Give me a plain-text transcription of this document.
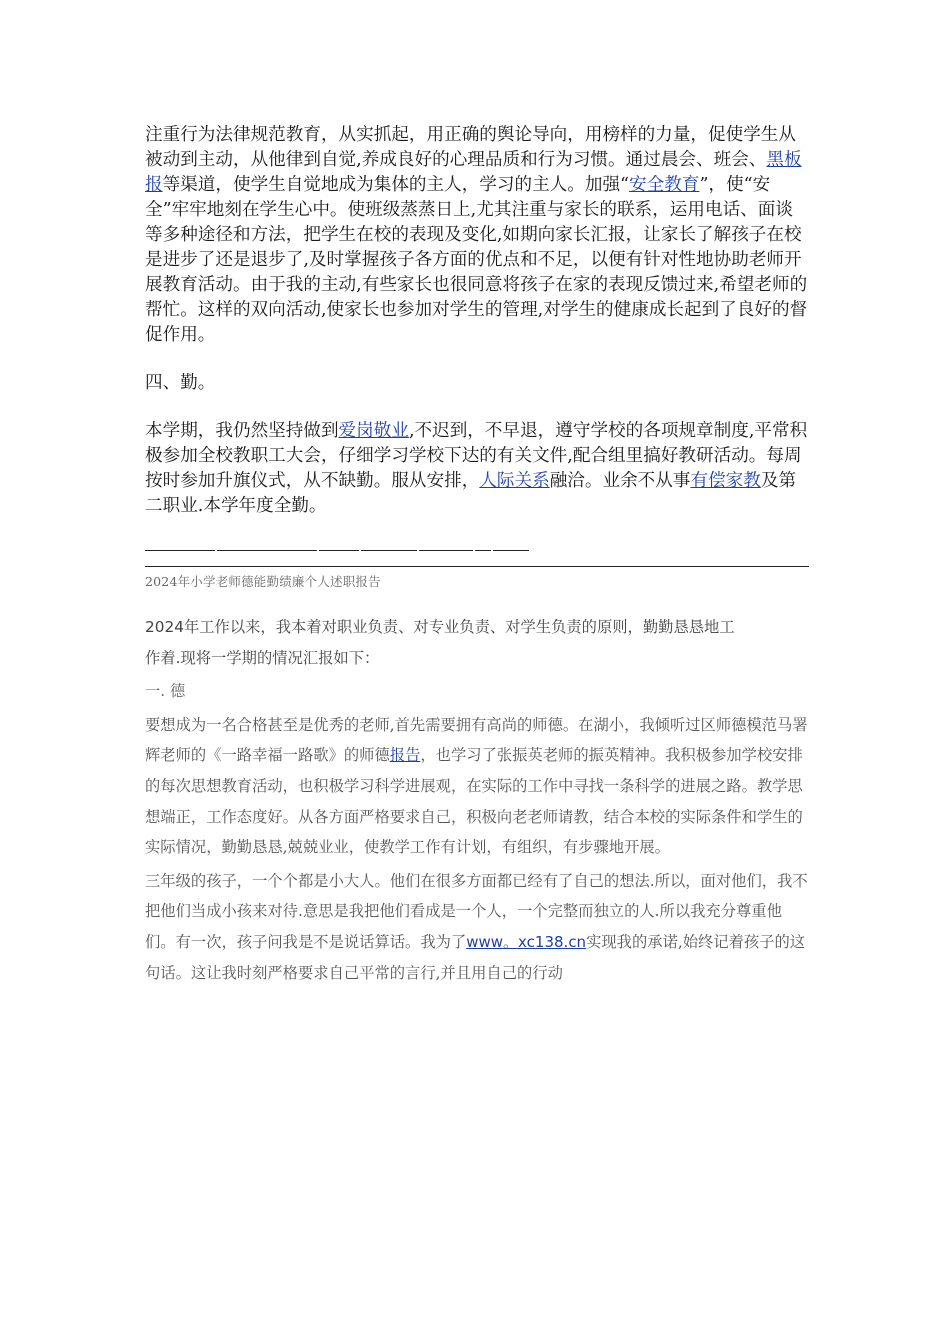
注重行为法律规范教育，从实抓起，用正确的舆论导向，用榜样的力量，促使学生从被动到主动，从他律到自觉,养成良好的心理品质和行为习惯。通过晨会、班会、黑板报等渠道，使学生自觉地成为集体的主人，学习的主人。加强“安全教育”，使“安全”牢牢地刻在学生心中。使班级蒸蒸日上,尤其注重与家长的联系，运用电话、面谈等多种途径和方法，把学生在校的表现及变化,如期向家长汇报，让家长了解孩子在校是进步了还是退步了,及时掌握孩子各方面的优点和不足，以便有针对性地协助老师开展教育活动。由于我的主动,有些家长也很同意将孩子在家的表现反馈过来,希望老师的帮忙。这样的双向活动,使家长也参加对学生的管理,对学生的健康成长起到了良好的督促作用。

四、勤。

本学期，我仍然坚持做到爱岗敬业,不迟到，不早退，遵守学校的各项规章制度,平常积极参加全校教职工大会，仔细学习学校下达的有关文件,配合组里搞好教研活动。每周按时参加升旗仪式，从不缺勤。服从安排，人际关系融洽。业余不从事有偿家教及第二职业.本学年度全勤。

2024年小学老师德能勤绩廉个人述职报告

2024年工作以来，我本着对职业负责、对专业负责、对学生负责的原则，勤勤恳恳地工
作着.现将一学期的情况汇报如下：

一. 德

要想成为一名合格甚至是优秀的老师,首先需要拥有高尚的师德。在湖小，我倾听过区师德模范马署辉老师的《一路幸福一路歌》的师德报告，也学习了张振英老师的振英精神。我积极参加学校安排的每次思想教育活动，也积极学习科学进展观，在实际的工作中寻找一条科学的进展之路。教学思想端正，工作态度好。从各方面严格要求自己，积极向老老师请教，结合本校的实际条件和学生的实际情况，勤勤恳恳,兢兢业业，使教学工作有计划，有组织，有步骤地开展。

三年级的孩子，一个个都是小大人。他们在很多方面都已经有了自己的想法.所以，面对他们，我不把他们当成小孩来对待.意思是我把他们看成是一个人，一个完整而独立的人.所以我充分尊重他们。有一次，孩子问我是不是说话算话。我为了www。xc138.cn实现我的承诺,始终记着孩子的这句话。这让我时刻严格要求自己平常的言行,并且用自己的行动
